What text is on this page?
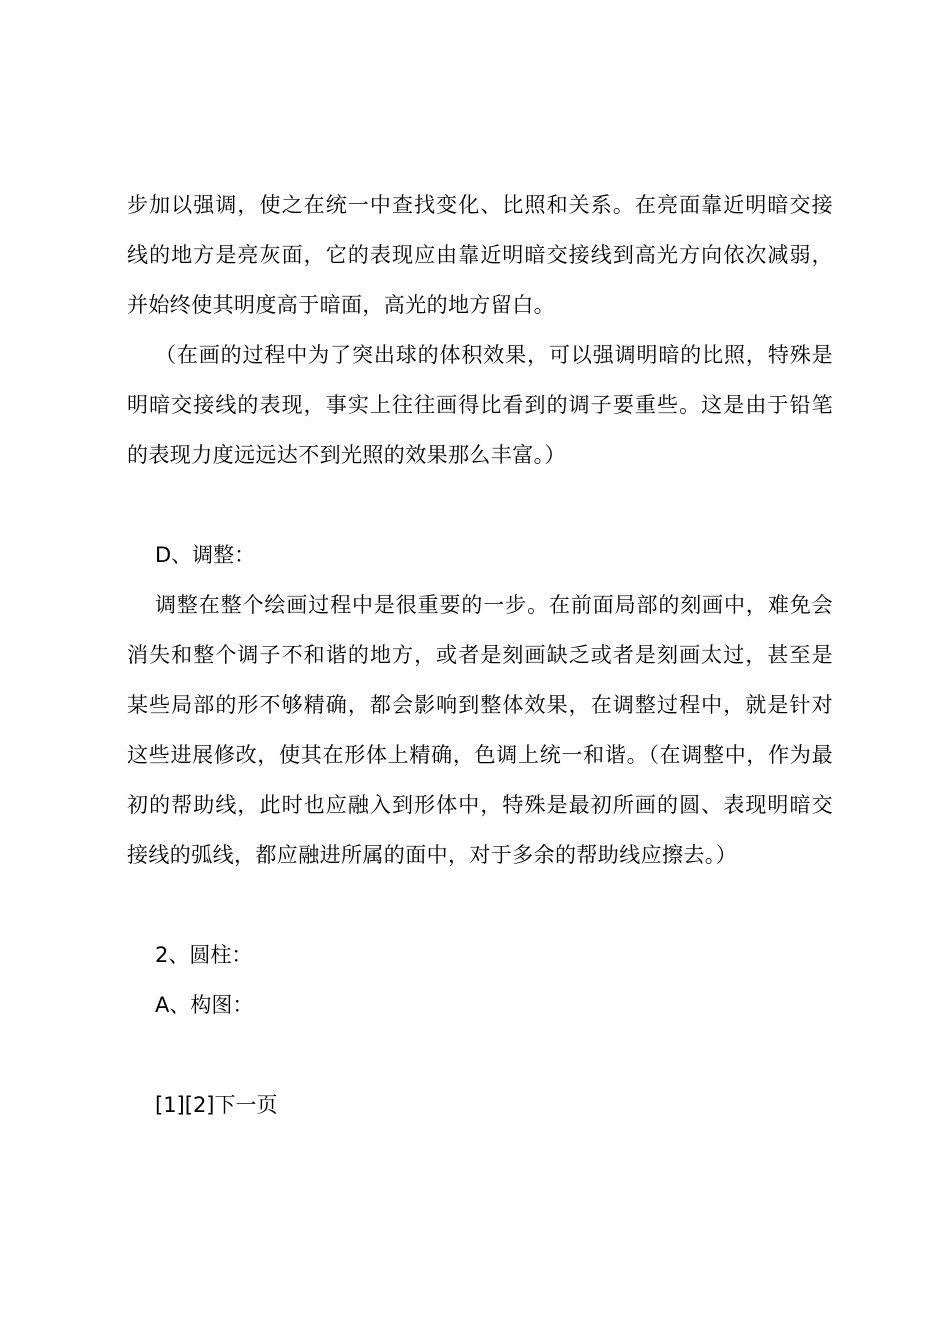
步加以强调，使之在统一中查找变化、比照和关系。在亮面靠近明暗交接线的地方是亮灰面，它的表现应由靠近明暗交接线到高光方向依次减弱，并始终使其明度高于暗面，高光的地方留白。

（在画的过程中为了突出球的体积效果，可以强调明暗的比照，特殊是明暗交接线的表现，事实上往往画得比看到的调子要重些。这是由于铅笔的表现力度远远达不到光照的效果那么丰富。）

D、调整：

调整在整个绘画过程中是很重要的一步。在前面局部的刻画中，难免会消失和整个调子不和谐的地方，或者是刻画缺乏或者是刻画太过，甚至是某些局部的形不够精确，都会影响到整体效果，在调整过程中，就是针对这些进展修改，使其在形体上精确，色调上统一和谐。（在调整中，作为最初的帮助线，此时也应融入到形体中，特殊是最初所画的圆、表现明暗交接线的弧线，都应融进所属的面中，对于多余的帮助线应擦去。）

2、圆柱：

A、构图：

[1][2]下一页
